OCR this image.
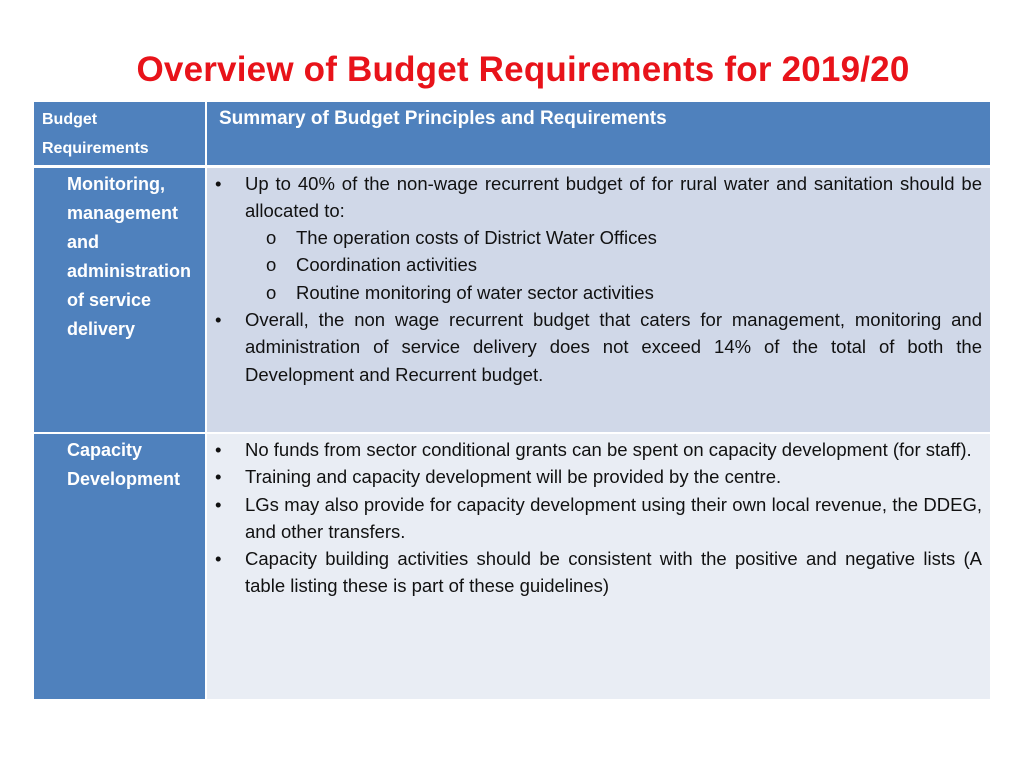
Overview of Budget Requirements for 2019/20
Budget Requirements	Summary of Budget Principles and Requirements
Monitoring, management and administration of service delivery	• Up to 40% of the non-wage recurrent budget of for rural water and sanitation should be allocated to:
o The operation costs of District Water Offices
o Coordination activities
o Routine monitoring of water sector activities
• Overall, the non wage recurrent budget that caters for management, monitoring and administration of service delivery does not exceed 14% of the total of both the Development and Recurrent budget.

Capacity Development	• No funds from sector conditional grants can be spent on capacity development (for staff).
• Training and capacity development will be provided by the centre.
• LGs may also provide for capacity development using their own local revenue, the DDEG, and other transfers.
• Capacity building activities should be consistent with the positive and negative lists (A table listing these is part of these guidelines)
